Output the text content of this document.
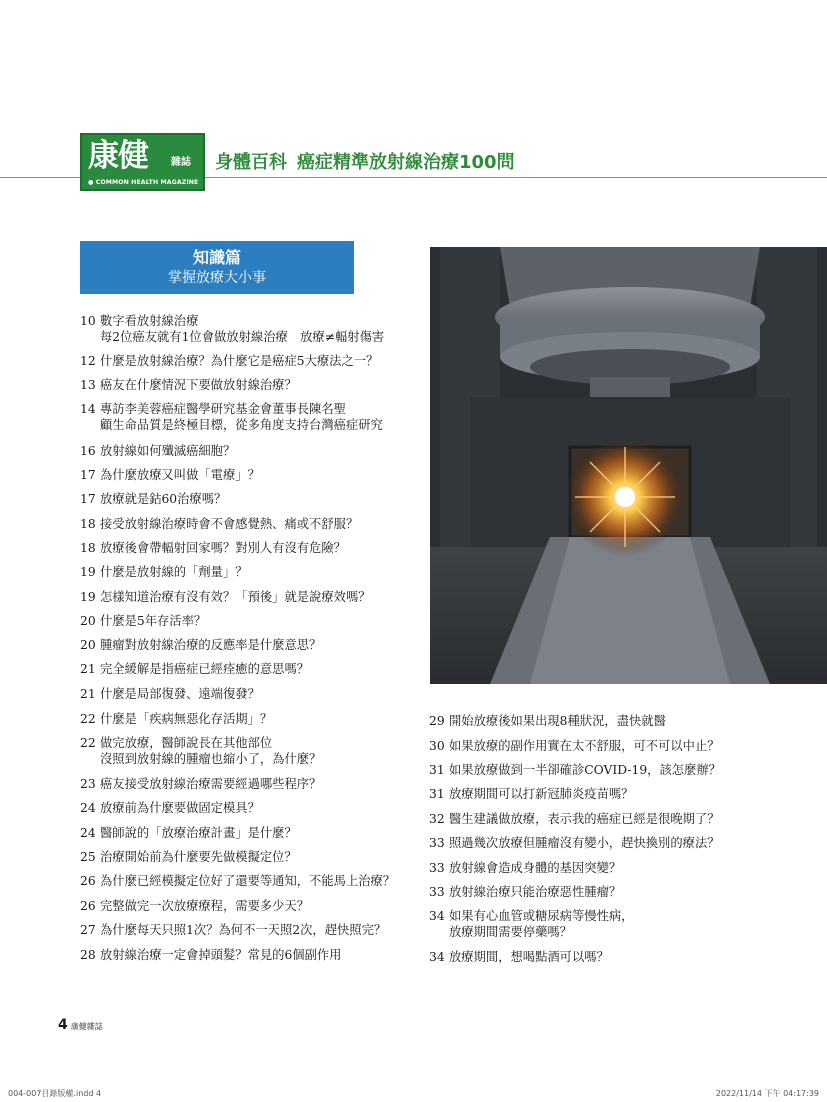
康健 雜誌
● COMMON HEALTH MAGAZINE
身體百科 癌症精準放射線治療100問
知識篇
掌握放療大小事
10 數字看放射線治療
每2位癌友就有1位會做放射線治療　放療≠輻射傷害
12 什麼是放射線治療？為什麼它是癌症5大療法之一？
13 癌友在什麼情況下要做放射線治療？
14 專訪李美蓉癌症醫學研究基金會董事長陳名聖
顧生命品質是終極目標，從多角度支持台灣癌症研究
16 放射線如何殲滅癌細胞？
17 為什麼放療又叫做「電療」？
17 放療就是鈷60治療嗎？
18 接受放射線治療時會不會感覺熱、痛或不舒服？
18 放療後會帶輻射回家嗎？對別人有沒有危險？
19 什麼是放射線的「劑量」？
19 怎樣知道治療有沒有效？「預後」就是說療效嗎？
20 什麼是5年存活率？
20 腫瘤對放射線治療的反應率是什麼意思？
21 完全緩解是指癌症已經痊癒的意思嗎？
21 什麼是局部復發、遠端復發？
22 什麼是「疾病無惡化存活期」？
22 做完放療，醫師說長在其他部位
沒照到放射線的腫瘤也縮小了，為什麼？
23 癌友接受放射線治療需要經過哪些程序？
24 放療前為什麼要做固定模具？
24 醫師說的「放療治療計畫」是什麼？
25 治療開始前為什麼要先做模擬定位？
26 為什麼已經模擬定位好了還要等通知，不能馬上治療？
26 完整做完一次放療療程，需要多少天？
27 為什麼每天只照1次？為何不一天照2次，趕快照完？
28 放射線治療一定會掉頭髮？常見的6個副作用
29 開始放療後如果出現8種狀況，盡快就醫
30 如果放療的副作用實在太不舒服，可不可以中止？
31 如果放療做到一半卻確診COVID-19，該怎麼辦？
31 放療期間可以打新冠肺炎疫苗嗎？
32 醫生建議做放療，表示我的癌症已經是很晚期了？
33 照過幾次放療但腫瘤沒有變小，趕快換別的療法？
33 放射線會造成身體的基因突變？
33 放射線治療只能治療惡性腫瘤？
34 如果有心血管或糖尿病等慢性病，
放療期間需要停藥嗎？
34 放療期間，想喝點酒可以嗎？
4 康健雜誌
004-007目錄版權.indd 4	2022/11/14 下午 04:17:39
